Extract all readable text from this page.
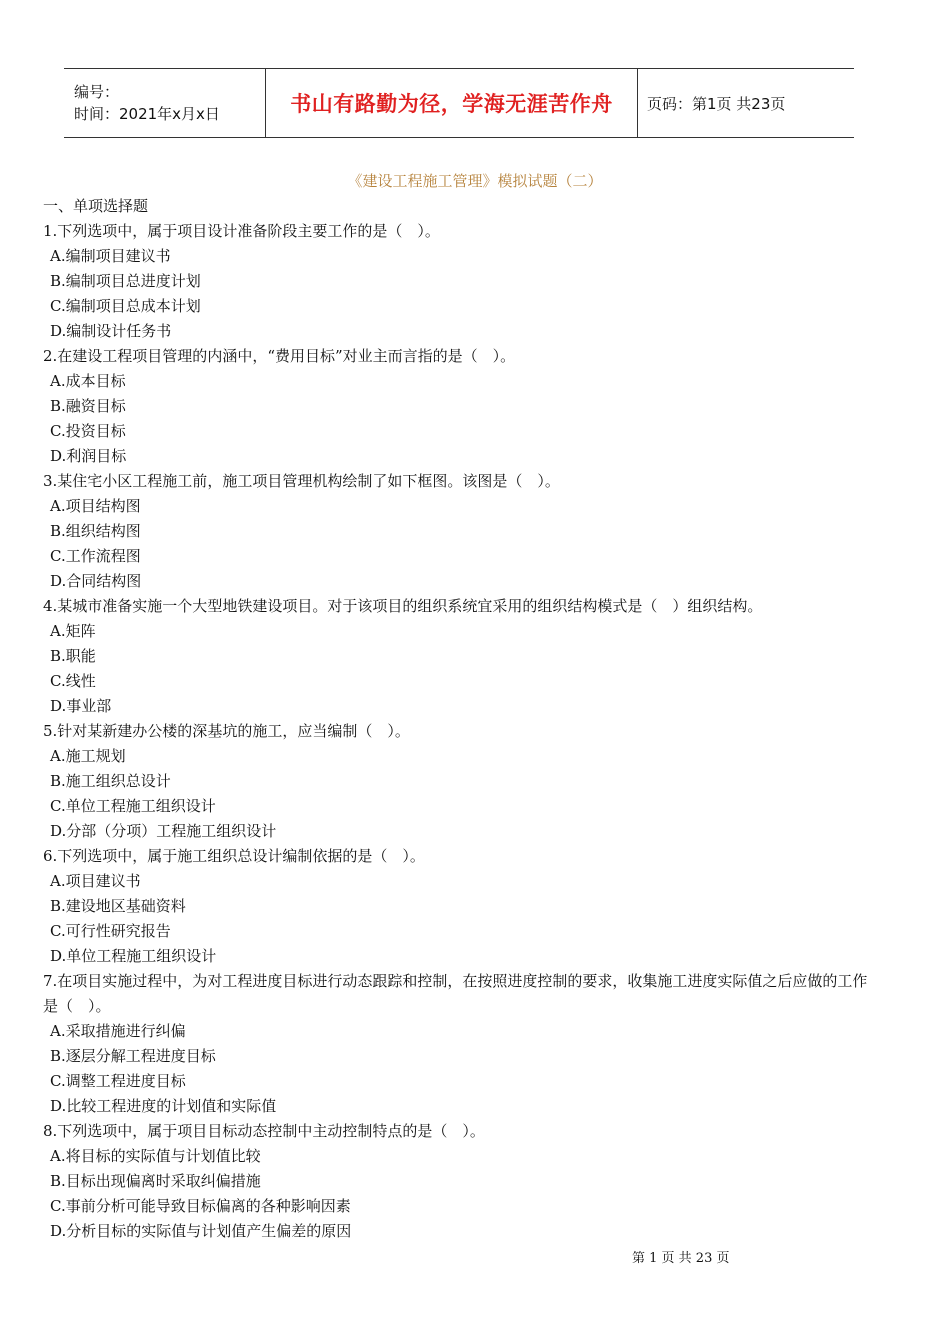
编号：
时间：2021年x月x日	书山有路勤为径，学海无涯苦作舟 页码：第1页 共23页
《建设工程施工管理》模拟试题（二）
一、单项选择题
1.下列选项中，属于项目设计准备阶段主要工作的是（　）。
A.编制项目建议书
B.编制项目总进度计划
C.编制项目总成本计划
D.编制设计任务书
2.在建设工程项目管理的内涵中，“费用目标”对业主而言指的是（　）。
A.成本目标
B.融资目标
C.投资目标
D.利润目标
3.某住宅小区工程施工前，施工项目管理机构绘制了如下框图。该图是（　）。
A.项目结构图
B.组织结构图
C.工作流程图
D.合同结构图
4.某城市准备实施一个大型地铁建设项目。对于该项目的组织系统宜采用的组织结构模式是（　）组织结构。
A.矩阵
B.职能
C.线性
D.事业部
5.针对某新建办公楼的深基坑的施工，应当编制（　）。
A.施工规划
B.施工组织总设计
C.单位工程施工组织设计
D.分部（分项）工程施工组织设计
6.下列选项中，属于施工组织总设计编制依据的是（　）。
A.项目建议书
B.建设地区基础资料
C.可行性研究报告
D.单位工程施工组织设计
7.在项目实施过程中，为对工程进度目标进行动态跟踪和控制，在按照进度控制的要求，收集施工进度实际值之后应做的工作是（　）。
A.采取措施进行纠偏
B.逐层分解工程进度目标
C.调整工程进度目标
D.比较工程进度的计划值和实际值
8.下列选项中，属于项目目标动态控制中主动控制特点的是（　）。
A.将目标的实际值与计划值比较
B.目标出现偏离时采取纠偏措施
C.事前分析可能导致目标偏离的各种影响因素
D.分析目标的实际值与计划值产生偏差的原因
第 1 页 共 23 页
